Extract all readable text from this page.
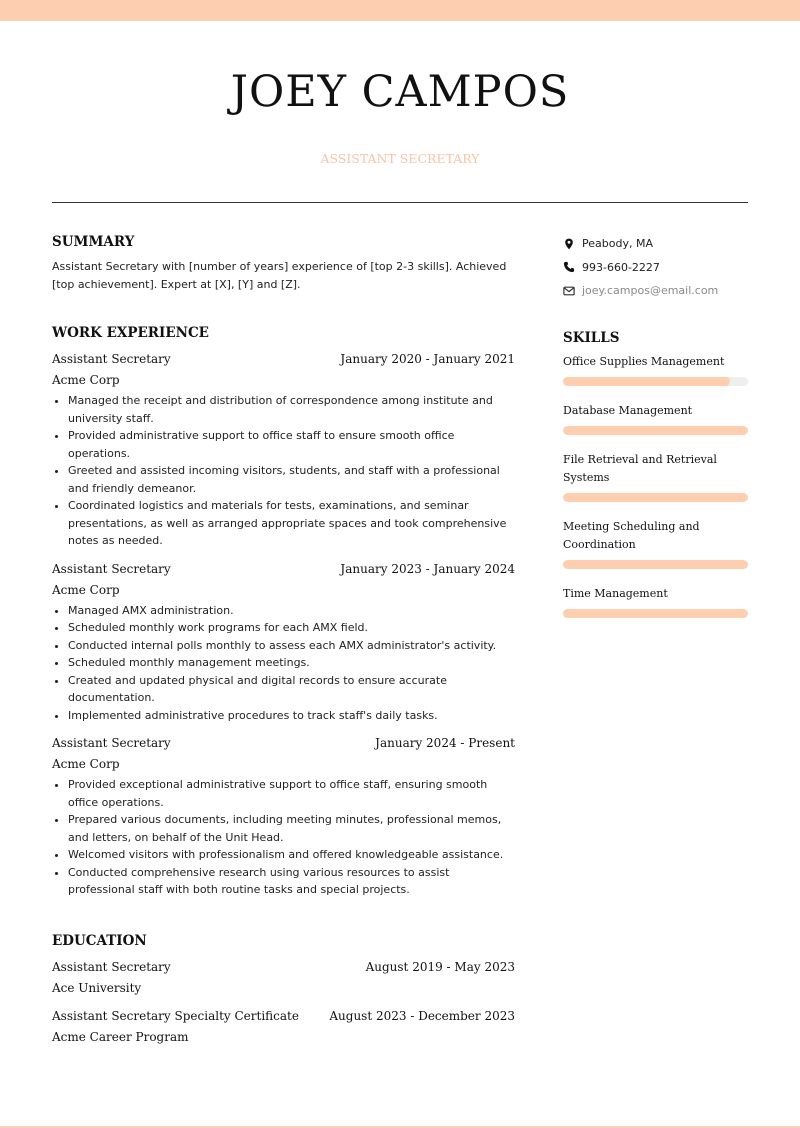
JOEY CAMPOS
ASSISTANT SECRETARY
SUMMARY

Assistant Secretary with [number of years] experience of [top 2-3 skills]. Achieved [top achievement]. Expert at [X], [Y] and [Z].

WORK EXPERIENCE
Assistant Secretary	January 2020 - January 2021
Acme Corp
• Managed the receipt and distribution of correspondence among institute and university staff.
• Provided administrative support to office staff to ensure smooth office operations.
• Greeted and assisted incoming visitors, students, and staff with a professional and friendly demeanor.
• Coordinated logistics and materials for tests, examinations, and seminar presentations, as well as arranged appropriate spaces and took comprehensive notes as needed.
Assistant Secretary	January 2023 - January 2024
Acme Corp
• Managed AMX administration.
• Scheduled monthly work programs for each AMX field.
• Conducted internal polls monthly to assess each AMX administrator's activity.
• Scheduled monthly management meetings.
• Created and updated physical and digital records to ensure accurate documentation.
• Implemented administrative procedures to track staff's daily tasks.
Assistant Secretary	January 2024 - Present
Acme Corp
• Provided exceptional administrative support to office staff, ensuring smooth office operations.
• Prepared various documents, including meeting minutes, professional memos, and letters, on behalf of the Unit Head.
• Welcomed visitors with professionalism and offered knowledgeable assistance.
• Conducted comprehensive research using various resources to assist professional staff with both routine tasks and special projects.
EDUCATION
Assistant Secretary	August 2019 - May 2023
Ace University
Assistant Secretary Specialty Certificate	August 2023 - December 2023
Acme Career Program
Peabody, MA
993-660-2227
joey.campos@email.com
SKILLS
Office Supplies Management
Database Management
File Retrieval and Retrieval Systems
Meeting Scheduling and Coordination
Time Management
